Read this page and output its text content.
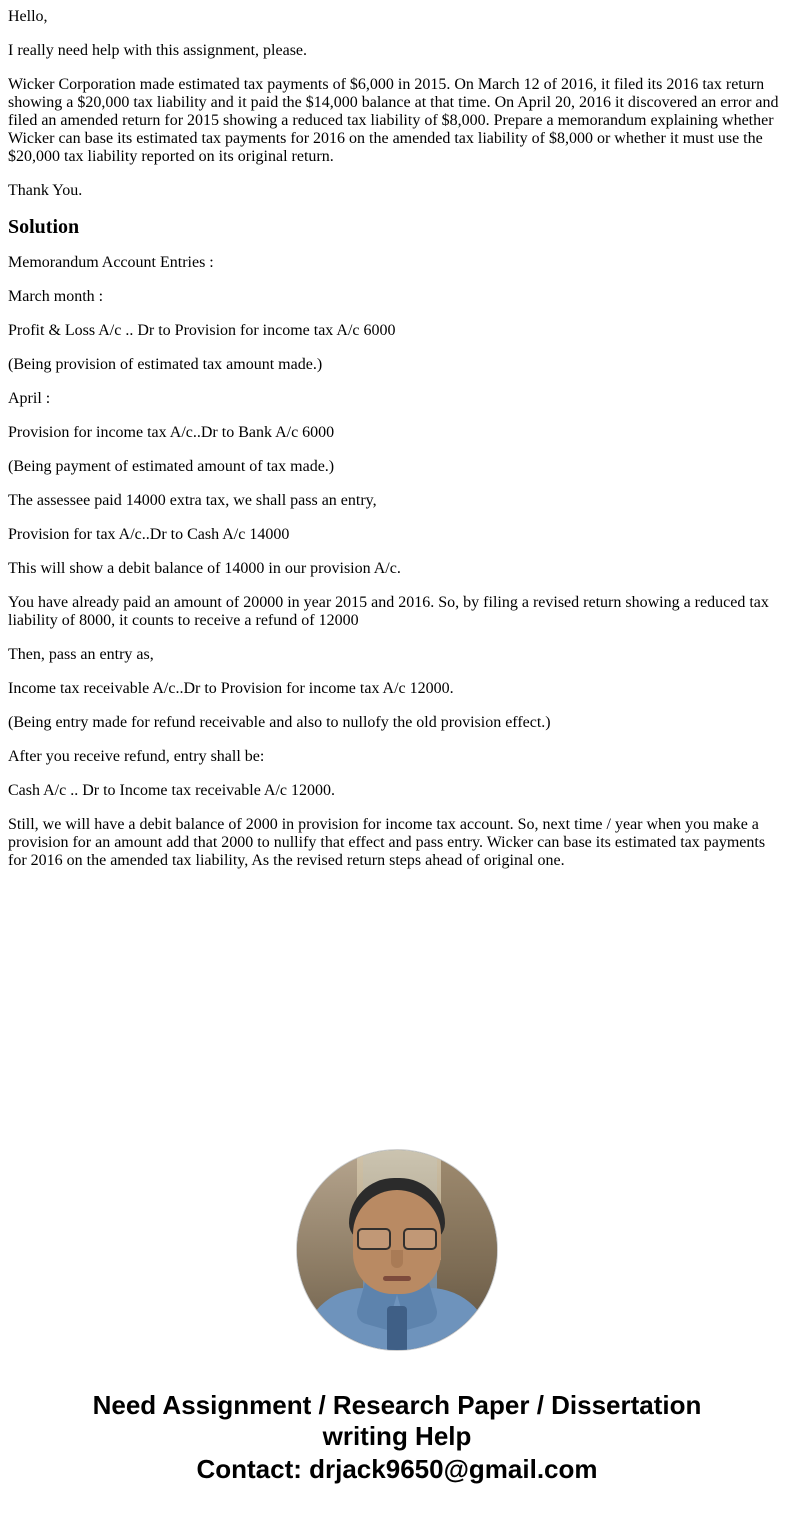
Hello,

I really need help with this assignment, please.

Wicker Corporation made estimated tax payments of $6,000 in 2015. On March 12 of 2016, it filed its 2016 tax return showing a $20,000 tax liability and it paid the $14,000 balance at that time. On April 20, 2016 it discovered an error and filed an amended return for 2015 showing a reduced tax liability of $8,000. Prepare a memorandum explaining whether Wicker can base its estimated tax payments for 2016 on the amended tax liability of $8,000 or whether it must use the $20,000 tax liability reported on its original return.

Thank You.

Solution

Memorandum Account Entries :

March month :

Profit & Loss A/c .. Dr to Provision for income tax A/c 6000

(Being provision of estimated tax amount made.)

April :

Provision for income tax A/c..Dr to Bank A/c 6000

(Being payment of estimated amount of tax made.)

The assessee paid 14000 extra tax, we shall pass an entry,

Provision for tax A/c..Dr to Cash A/c 14000

This will show a debit balance of 14000 in our provision A/c.

You have already paid an amount of 20000 in year 2015 and 2016. So, by filing a revised return showing a reduced tax liability of 8000, it counts to receive a refund of 12000

Then, pass an entry as,

Income tax receivable A/c..Dr to Provision for income tax A/c 12000.

(Being entry made for refund receivable and also to nullofy the old provision effect.)

After you receive refund, entry shall be:

Cash A/c .. Dr to Income tax receivable A/c 12000.

Still, we will have a debit balance of 2000 in provision for income tax account. So, next time / year when you make a provision for an amount add that 2000 to nullify that effect and pass entry. Wicker can base its estimated tax payments for 2016 on the amended tax liability, As the revised return steps ahead of original one.

Need Assignment / Research Paper / Dissertation
writing Help
Contact: drjack9650@gmail.com
